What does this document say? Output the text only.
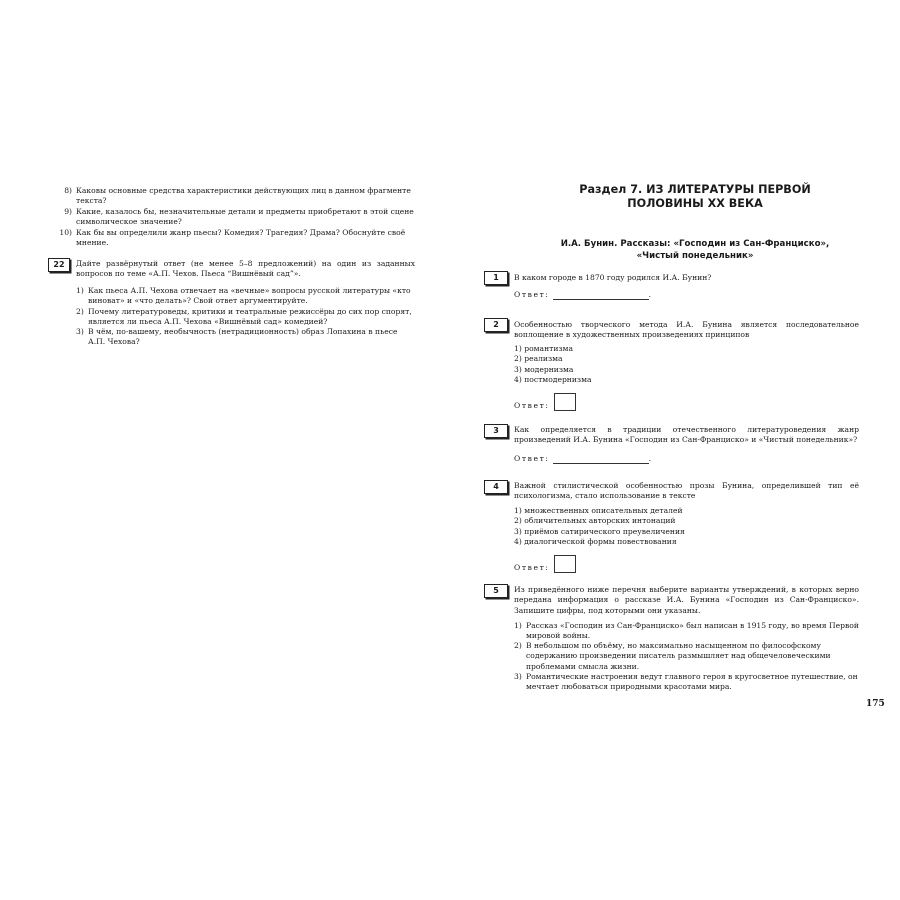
8) Каковы основные средства характеристики действующих лиц в данном фрагменте текста?
9) Какие, казалось бы, незначительные детали и предметы приобретают в этой сцене символическое значение?
10) Как бы вы определили жанр пьесы? Комедия? Трагедия? Драма? Обоснуйте своё мнение.
22	Дайте развёрнутый ответ (не менее 5–8 предложений) на один из заданных вопросов по теме «А.П. Чехов. Пьеса “Вишнёвый сад”».
1) Как пьеса А.П. Чехова отвечает на «вечные» вопросы русской литературы «кто виноват» и «что делать»? Свой ответ аргументируйте.
2) Почему литературоведы, критики и театральные режиссёры до сих пор спорят, является ли пьеса А.П. Чехова «Вишнёвый сад» комедией?
3) В чём, по-вашему, необычность (нетрадиционность) образ Лопахина в пьесе А.П. Чехова?
Раздел 7. ИЗ ЛИТЕРАТУРЫ ПЕРВОЙ ПОЛОВИНЫ XX ВЕКА
И.А. Бунин. Рассказы: «Господин из Сан-Франциско», «Чистый понедельник»
1	В каком городе в 1870 году родился И.А. Бунин?
Ответ:	.
2	Особенностью творческого метода И.А. Бунина является последовательное воплощение в художественных произведениях принципов
1) романтизма
2) реализма
3) модернизма
4) постмодернизма
Ответ:
3	Как определяется в традиции отечественного литературоведения жанр произведений И.А. Бунина «Господин из Сан-Франциско» и «Чистый понедельник»?
Ответ:	.
4	Важной стилистической особенностью прозы Бунина, определившей тип её психологизма, стало использование в тексте
1) множественных описательных деталей
2) обличительных авторских интонаций
3) приёмов сатирического преувеличения
4) диалогической формы повествования
Ответ:
5	Из приведённого ниже перечня выберите варианты утверждений, в которых верно передана информация о рассказе И.А. Бунина «Господин из Сан-Франциско». Запишите цифры, под которыми они указаны.
1) Рассказ «Господин из Сан-Франциско» был написан в 1915 году, во время Первой мировой войны.
2) В небольшом по объёму, но максимально насыщенном по философскому содержанию произведении писатель размышляет над общечеловеческими проблемами смысла жизни.
3) Романтические настроения ведут главного героя в кругосветное путешествие, он мечтает любоваться природными красотами мира.
175
